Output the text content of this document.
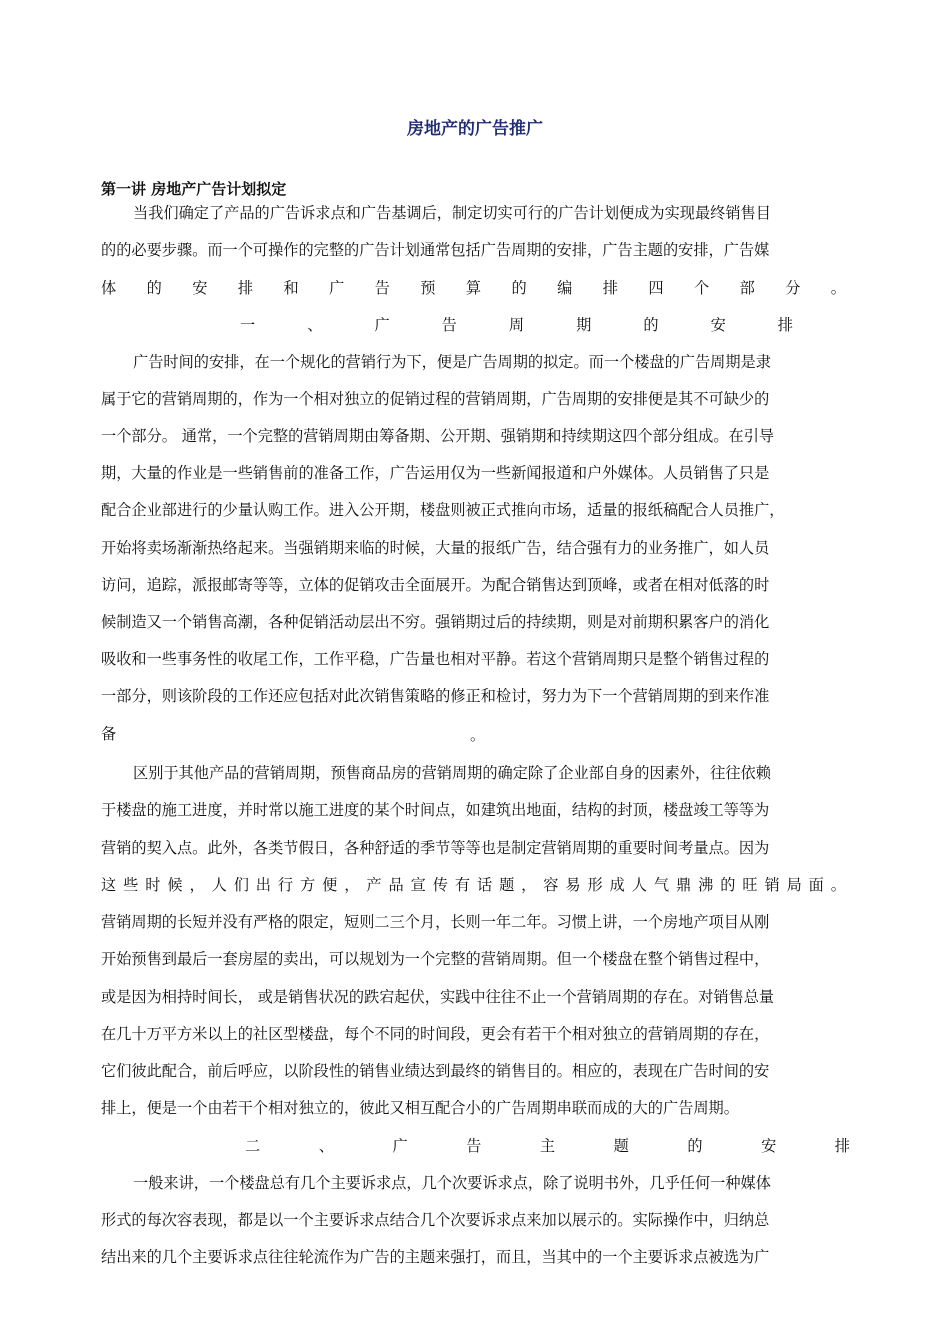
房地产的广告推广
第一讲 房地产广告计划拟定
当我们确定了产品的广告诉求点和广告基调后，制定切实可行的广告计划便成为实现最终销售目
的的必要步骤。而一个可操作的完整的广告计划通常包括广告周期的安排，广告主题的安排，广告媒
体 的 安 排 和 广 告 预 算 的 编 排 四 个 部 分 。
一 、 广 告 周 期 的 安 排
广告时间的安排，在一个规化的营销行为下，便是广告周期的拟定。而一个楼盘的广告周期是隶
属于它的营销周期的，作为一个相对独立的促销过程的营销周期，广告周期的安排便是其不可缺少的
一个部分。 通常，一个完整的营销周期由筹备期、公开期、强销期和持续期这四个部分组成。在引导
期，大量的作业是一些销售前的准备工作，广告运用仅为一些新闻报道和户外媒体。人员销售了只是
配合企业部进行的少量认购工作。进入公开期，楼盘则被正式推向市场，适量的报纸稿配合人员推广，
开始将卖场渐渐热络起来。当强销期来临的时候，大量的报纸广告，结合强有力的业务推广，如人员
访问，追踪，派报邮寄等等，立体的促销攻击全面展开。为配合销售达到顶峰，或者在相对低落的时
候制造又一个销售高潮，各种促销活动层出不穷。强销期过后的持续期，则是对前期积累客户的消化
吸收和一些事务性的收尾工作，工作平稳，广告量也相对平静。若这个营销周期只是整个销售过程的
一部分，则该阶段的工作还应包括对此次销售策略的修正和检讨，努力为下一个营销周期的到来作准
备	。
区别于其他产品的营销周期，预售商品房的营销周期的确定除了企业部自身的因素外，往往依赖
于楼盘的施工进度，并时常以施工进度的某个时间点，如建筑出地面，结构的封顶，楼盘竣工等等为
营销的契入点。此外，各类节假日，各种舒适的季节等等也是制定营销周期的重要时间考量点。因为
这 些 时 候 ， 人 们 出 行 方 便 ， 产 品 宣 传 有 话 题 ， 容 易 形 成 人 气 鼎 沸 的 旺 销 局 面 。
营销周期的长短并没有严格的限定，短则二三个月，长则一年二年。习惯上讲，一个房地产项目从刚
开始预售到最后一套房屋的卖出，可以规划为一个完整的营销周期。但一个楼盘在整个销售过程中，
或是因为相持时间长， 或是销售状况的跌宕起伏，实践中往往不止一个营销周期的存在。对销售总量
在几十万平方米以上的社区型楼盘，每个不同的时间段，更会有若干个相对独立的营销周期的存在，
它们彼此配合，前后呼应，以阶段性的销售业绩达到最终的销售目的。相应的，表现在广告时间的安
排上，便是一个由若干个相对独立的，彼此又相互配合小的广告周期串联而成的大的广告周期。
二 、 广 告 主 题 的 安 排
一般来讲，一个楼盘总有几个主要诉求点，几个次要诉求点，除了说明书外，几乎任何一种媒体
形式的每次容表现，都是以一个主要诉求点结合几个次要诉求点来加以展示的。实际操作中，归纳总
结出来的几个主要诉求点往往轮流作为广告的主题来强打，而且，当其中的一个主要诉求点被选为广
